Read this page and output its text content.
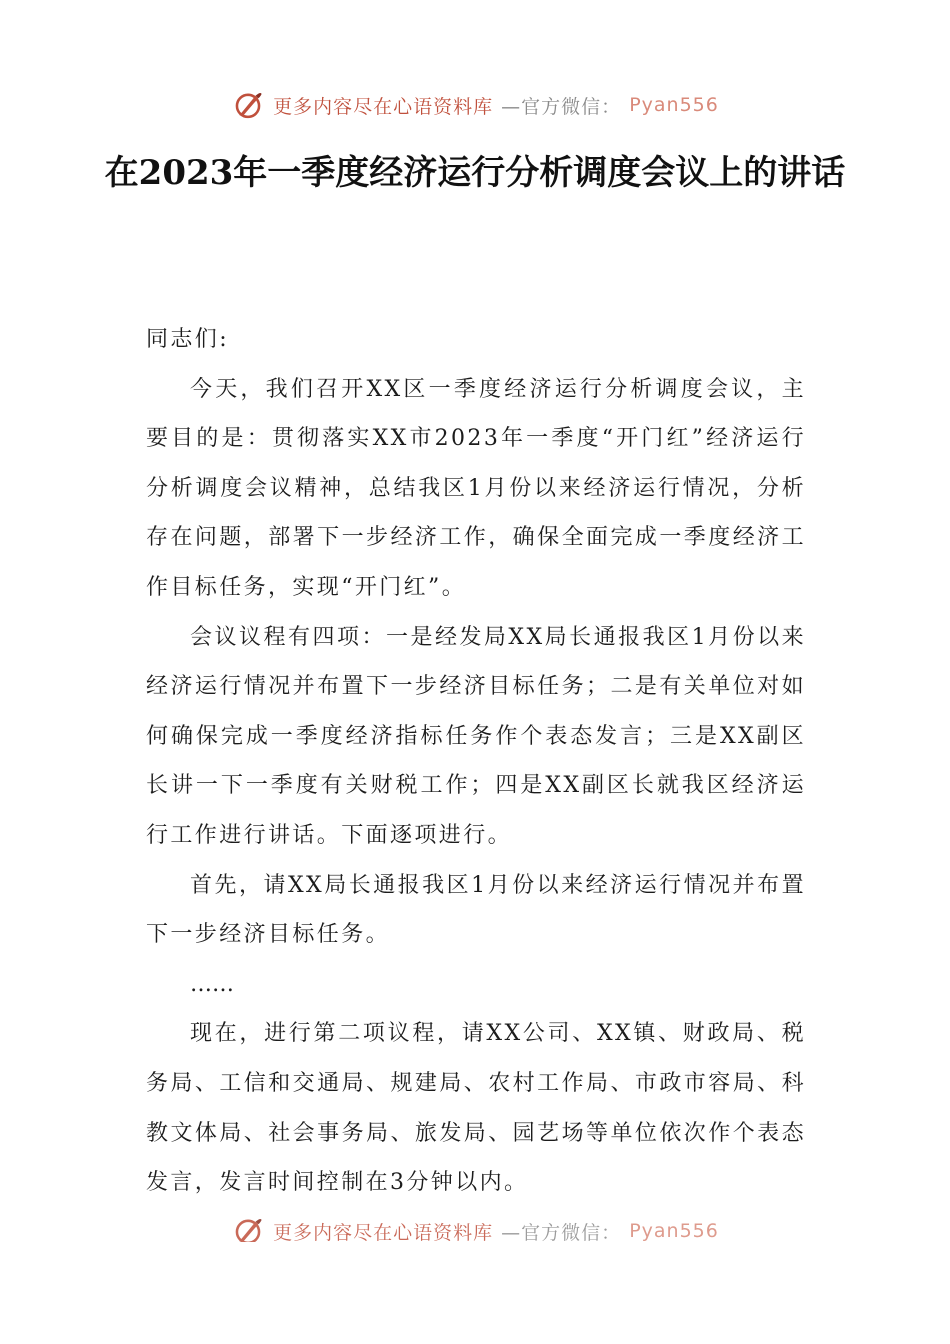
更多内容尽在心语资料库 —官方微信： Pyan556
在2023年一季度经济运行分析调度会议上的讲话

同志们:

今天，我们召开XX区一季度经济运行分析调度会议，主要目的是：贯彻落实XX市2023年一季度“开门红”经济运行分析调度会议精神，总结我区1月份以来经济运行情况，分析存在问题，部署下一步经济工作，确保全面完成一季度经济工作目标任务，实现“开门红”。

会议议程有四项：一是经发局XX局长通报我区1月份以来经济运行情况并布置下一步经济目标任务；二是有关单位对如何确保完成一季度经济指标任务作个表态发言；三是XX副区长讲一下一季度有关财税工作；四是XX副区长就我区经济运行工作进行讲话。下面逐项进行。

首先，请XX局长通报我区1月份以来经济运行情况并布置下一步经济目标任务。

……

现在，进行第二项议程，请XX公司、XX镇、财政局、税务局、工信和交通局、规建局、农村工作局、市政市容局、科教文体局、社会事务局、旅发局、园艺场等单位依次作个表态发言，发言时间控制在3分钟以内。

更多内容尽在心语资料库 —官方微信： Pyan556
